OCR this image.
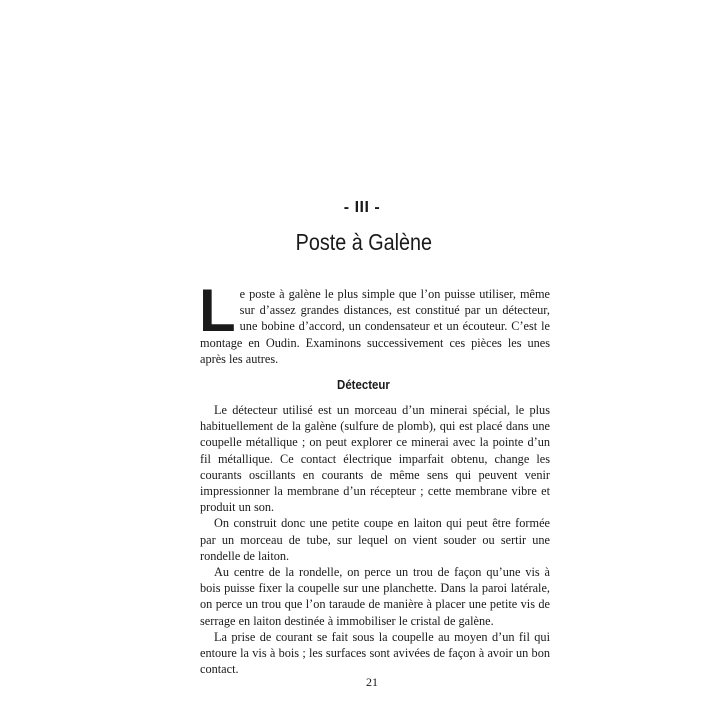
- III -
Poste à Galène
L e poste à galène le plus simple que l’on puisse utiliser, même sur d’assez grandes distances, est constitué par un détecteur, une bobine d’accord, un condensateur et un écouteur. C’est le montage en Oudin. Examinons successivement ces pièces les unes après les autres.
Détecteur

Le détecteur utilisé est un morceau d’un minerai spécial, le plus habituellement de la galène (sulfure de plomb), qui est placé dans une coupelle métallique ; on peut explorer ce minerai avec la pointe d’un fil métallique. Ce contact électrique imparfait obtenu, change les courants oscillants en courants de même sens qui peuvent venir impressionner la membrane d’un récepteur ; cette membrane vibre et produit un son.

On construit donc une petite coupe en laiton qui peut être formée par un morceau de tube, sur lequel on vient souder ou sertir une rondelle de laiton.

Au centre de la rondelle, on perce un trou de façon qu’une vis à bois puisse fixer la coupelle sur une planchette. Dans la paroi latérale, on perce un trou que l’on taraude de manière à placer une petite vis de serrage en laiton destinée à immobiliser le cristal de galène.

La prise de courant se fait sous la coupelle au moyen d’un fil qui entoure la vis à bois ; les surfaces sont avivées de façon à avoir un bon contact.

21
